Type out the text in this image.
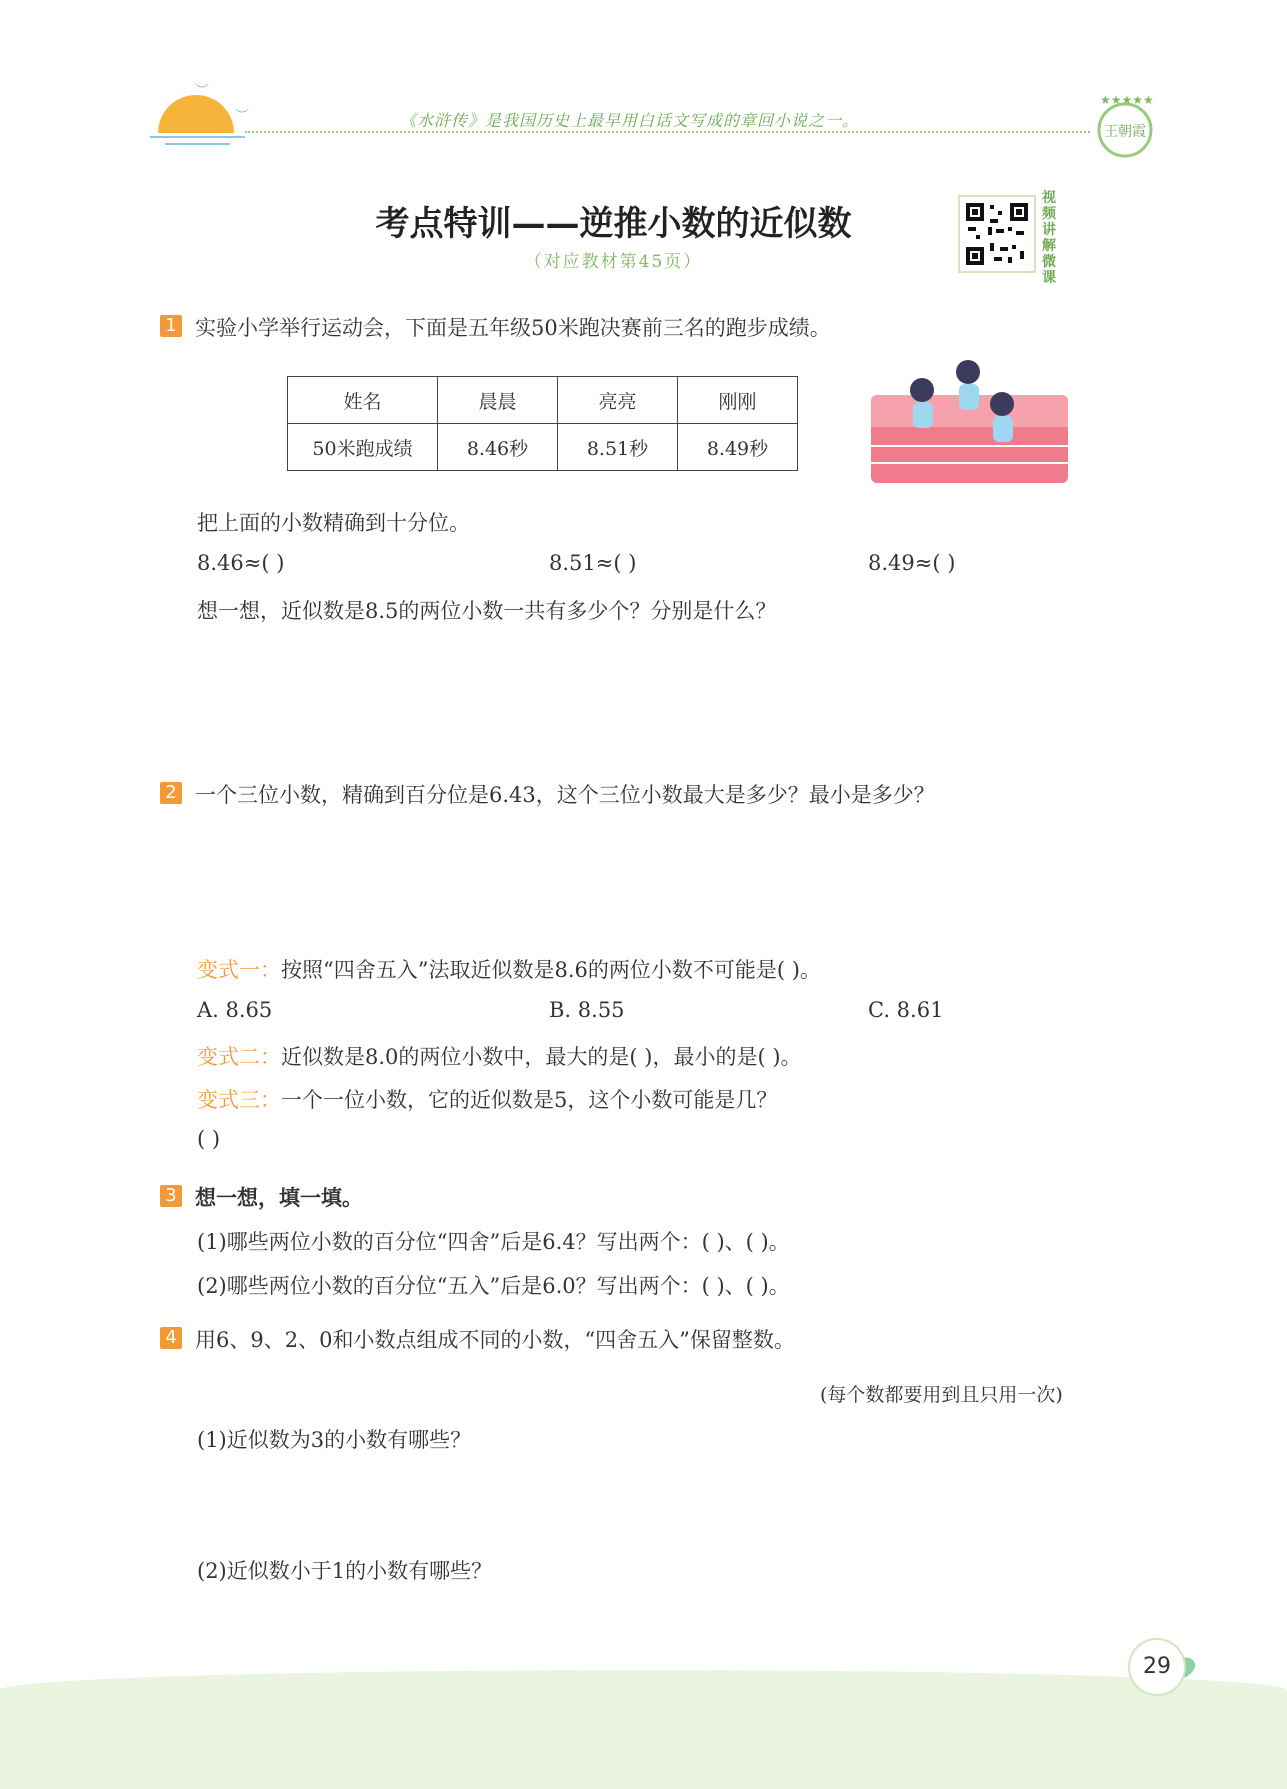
︶
︶	《水浒传》是我国历史上最早用白话文写成的章回小说之一。
★★★★★
王朝霞
考点特训——逆推小数的近似数
（对应教材第45页）
视频讲解微课
1 实验小学举行运动会，下面是五年级50米跑决赛前三名的跑步成绩。
姓名	晨晨	亮亮	刚刚
50米跑成绩	8.46秒	8.51秒	8.49秒
把上面的小数精确到十分位。
8.46≈( )	8.51≈( )	8.49≈( )
想一想，近似数是8.5的两位小数一共有多少个？分别是什么？
2 一个三位小数，精确到百分位是6.43，这个三位小数最大是多少？最小是多少？
变式一：按照“四舍五入”法取近似数是8.6的两位小数不可能是( )。
A. 8.65	B. 8.55	C. 8.61
变式二：近似数是8.0的两位小数中，最大的是( )，最小的是( )。
变式三：一个一位小数，它的近似数是5，这个小数可能是几？
( )
3 想一想，填一填。
(1)哪些两位小数的百分位“四舍”后是6.4？写出两个：( )、( )。
(2)哪些两位小数的百分位“五入”后是6.0？写出两个：( )、( )。
4 用6、9、2、0和小数点组成不同的小数，“四舍五入”保留整数。
(每个数都要用到且只用一次)
(1)近似数为3的小数有哪些？
(2)近似数小于1的小数有哪些？
29
